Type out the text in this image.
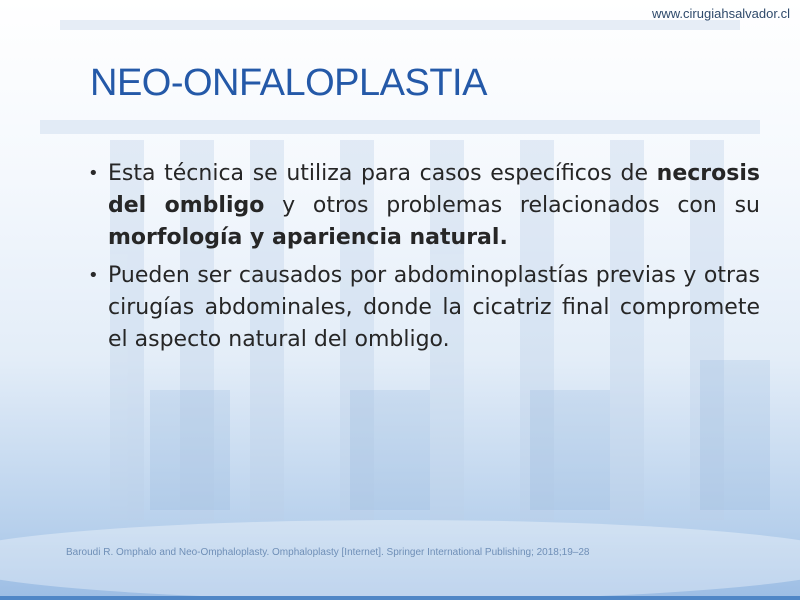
www.cirugiahsalvador.cl
NEO-ONFALOPLASTIA
• Esta técnica se utiliza para casos específicos de necrosis del ombligo y otros problemas relacionados con su morfología y apariencia natural.
• Pueden ser causados por abdominoplastías previas y otras cirugías abdominales, donde la cicatriz final compromete el aspecto natural del ombligo.
Baroudi R. Omphalo and Neo-Omphaloplasty. Omphaloplasty [Internet]. Springer International Publishing; 2018;19–28
